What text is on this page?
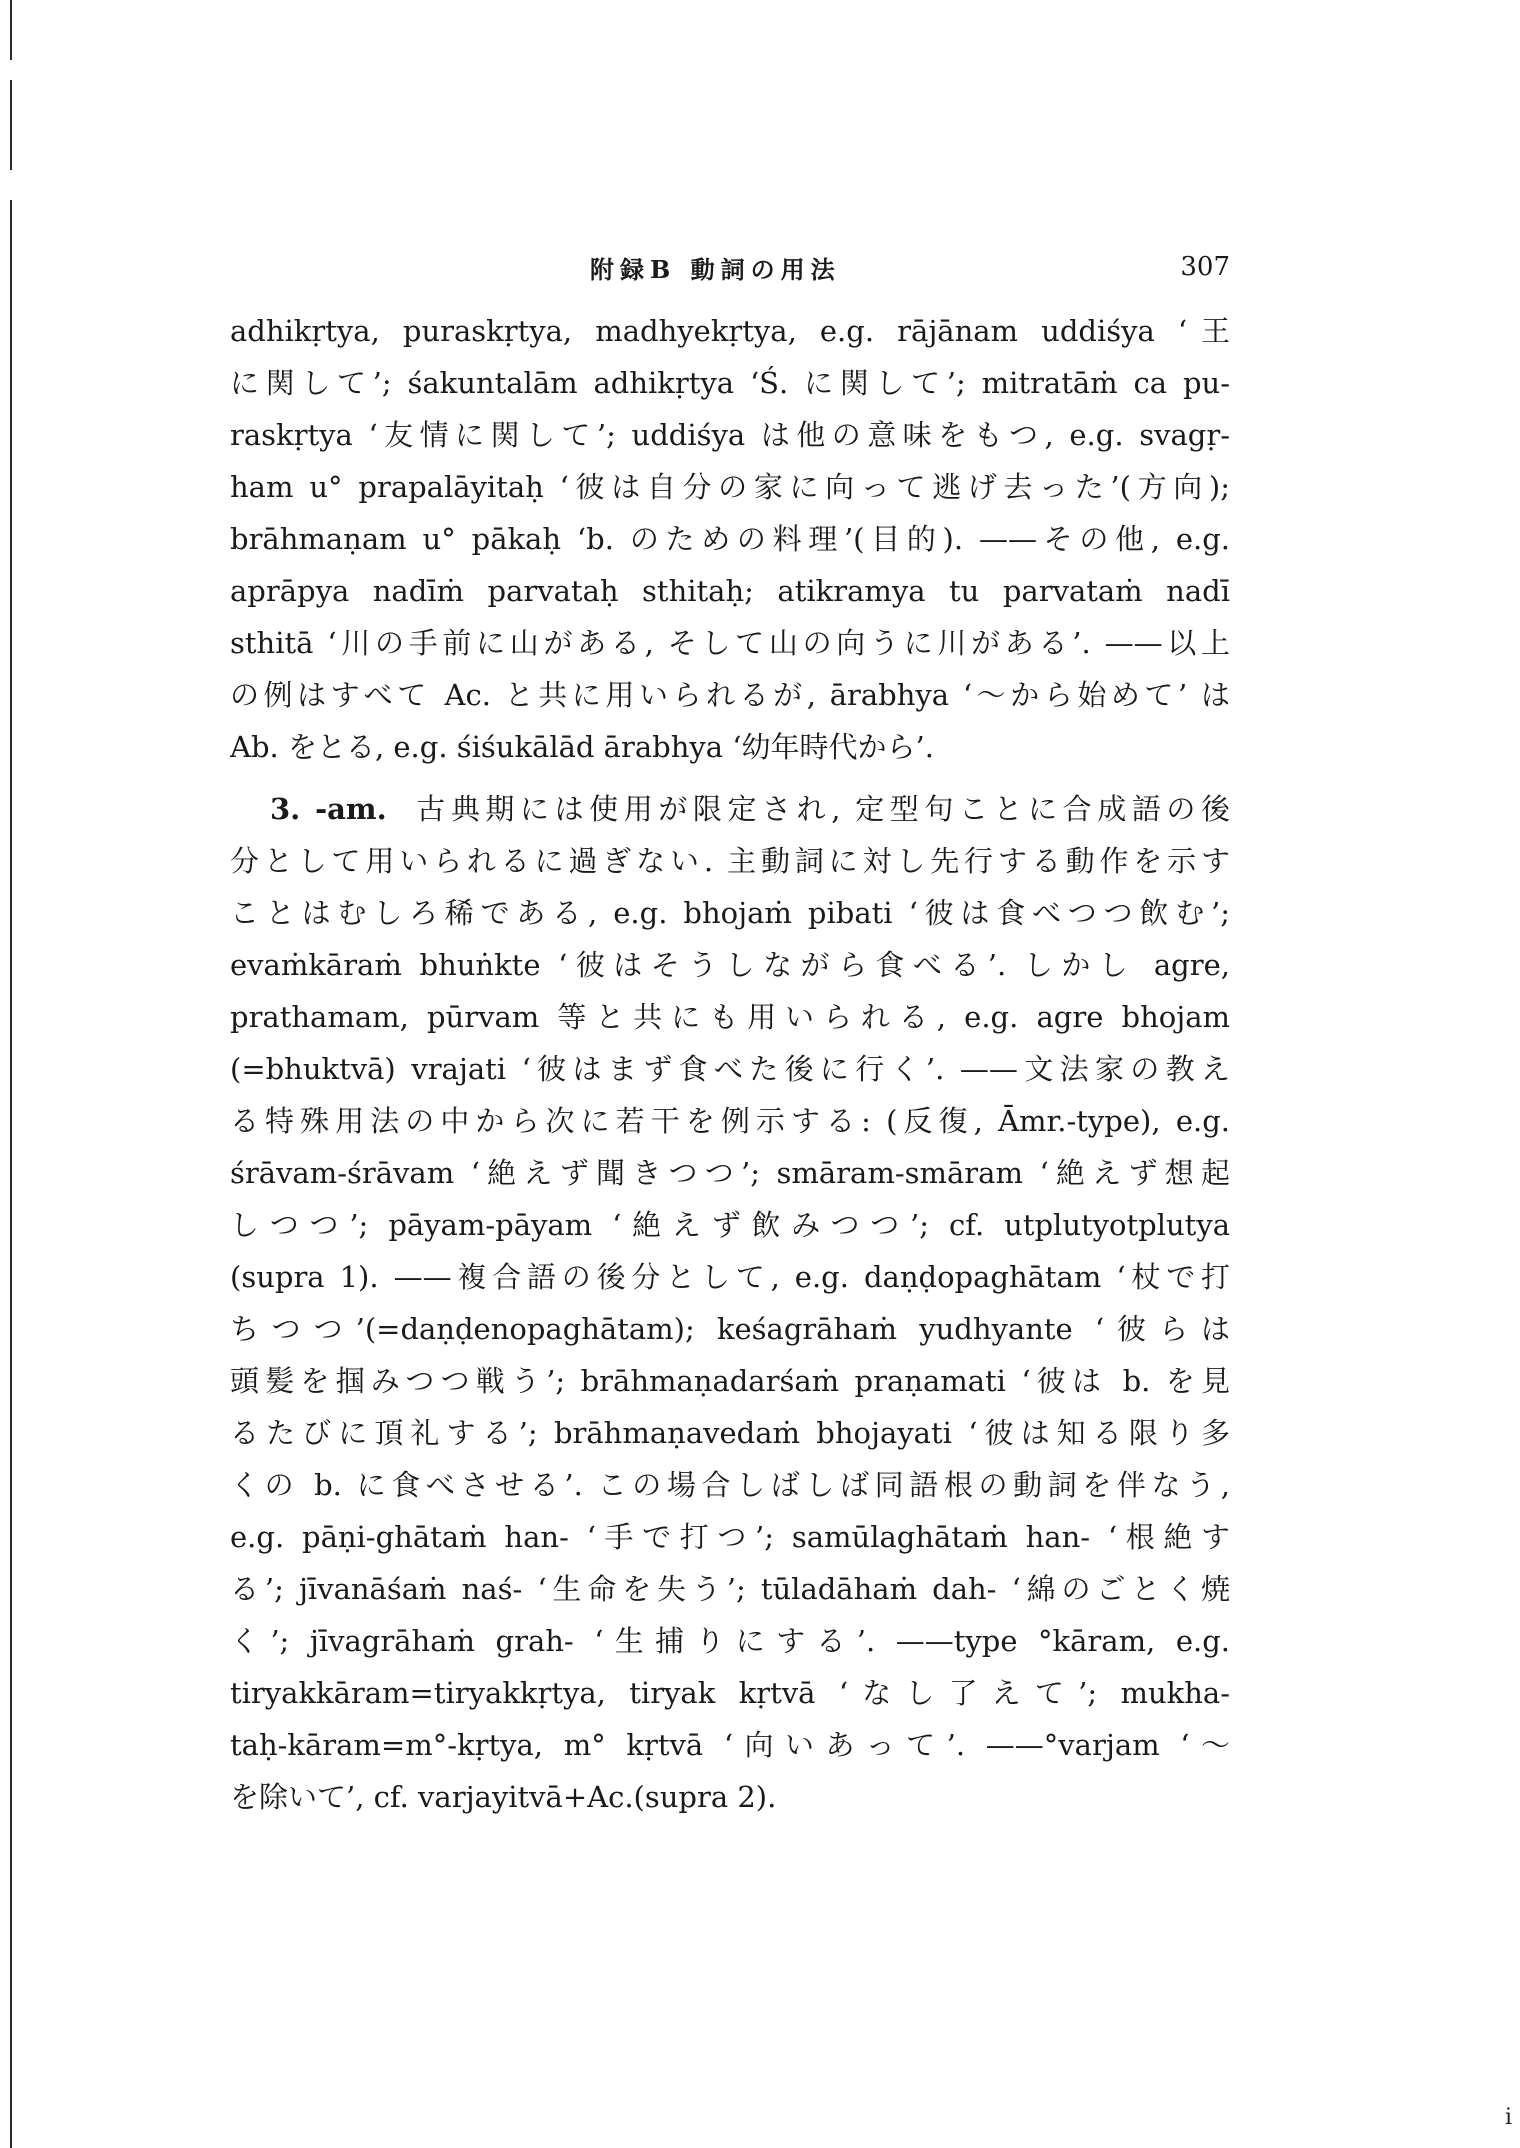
附録B 動詞の用法	307
adhikṛtya, puraskṛtya, madhyekṛtya, e.g. rājānam uddiśya ‘王
に関して’; śakuntalām adhikṛtya ‘Ś. に関して’; mitratāṁ ca pu-
raskṛtya ‘友情に関して’; uddiśya は他の意味をもつ, e.g. svagṛ-
ham u° prapalāyitaḥ ‘彼は自分の家に向って逃げ去った’(方向);
brāhmaṇam u° pākaḥ ‘b. のための料理’(目的). ——その他, e.g.
aprāpya nadīṁ parvataḥ sthitaḥ; atikramya tu parvataṁ nadī
sthitā ‘川の手前に山がある, そして山の向うに川がある’. ——以上
の例はすべて Ac. と共に用いられるが, ārabhya ‘〜から始めて’ は
Ab. をとる, e.g. śiśukālād ārabhya ‘幼年時代から’.
3. -am. 古典期には使用が限定され, 定型句ことに合成語の後
分として用いられるに過ぎない. 主動詞に対し先行する動作を示す
ことはむしろ稀である, e.g. bhojaṁ pibati ‘彼は食べつつ飲む’;
evaṁkāraṁ bhuṅkte ‘彼はそうしながら食べる’. しかし agre,
prathamam, pūrvam 等と共にも用いられる, e.g. agre bhojam
(=bhuktvā) vrajati ‘彼はまず食べた後に行く’. ——文法家の教え
る特殊用法の中から次に若干を例示する: (反復, Āmr.-type), e.g.
śrāvam-śrāvam ‘絶えず聞きつつ’; smāram-smāram ‘絶えず想起
しつつ’; pāyam-pāyam ‘絶えず飲みつつ’; cf. utplutyotplutya
(supra 1). ——複合語の後分として, e.g. daṇḍopaghātam ‘杖で打
ちつつ’(=daṇḍenopaghātam); keśagrāhaṁ yudhyante ‘彼らは
頭髪を掴みつつ戦う’; brāhmaṇadarśaṁ praṇamati ‘彼は b. を見
るたびに頂礼する’; brāhmaṇavedaṁ bhojayati ‘彼は知る限り多
くの b. に食べさせる’. この場合しばしば同語根の動詞を伴なう,
e.g. pāṇi-ghātaṁ han- ‘手で打つ’; samūlaghātaṁ han- ‘根絶す
る’; jīvanāśaṁ naś- ‘生命を失う’; tūladāhaṁ dah- ‘綿のごとく焼
く’; jīvagrāhaṁ grah- ‘生捕りにする’. ——type °kāram, e.g.
tiryakkāram=tiryakkṛtya, tiryak kṛtvā ‘なし了えて’; mukha-
taḥ-kāram=m°-kṛtya, m° kṛtvā ‘向いあって’. ——°varjam ‘〜
を除いて’, cf. varjayitvā+Ac.(supra 2).
i
